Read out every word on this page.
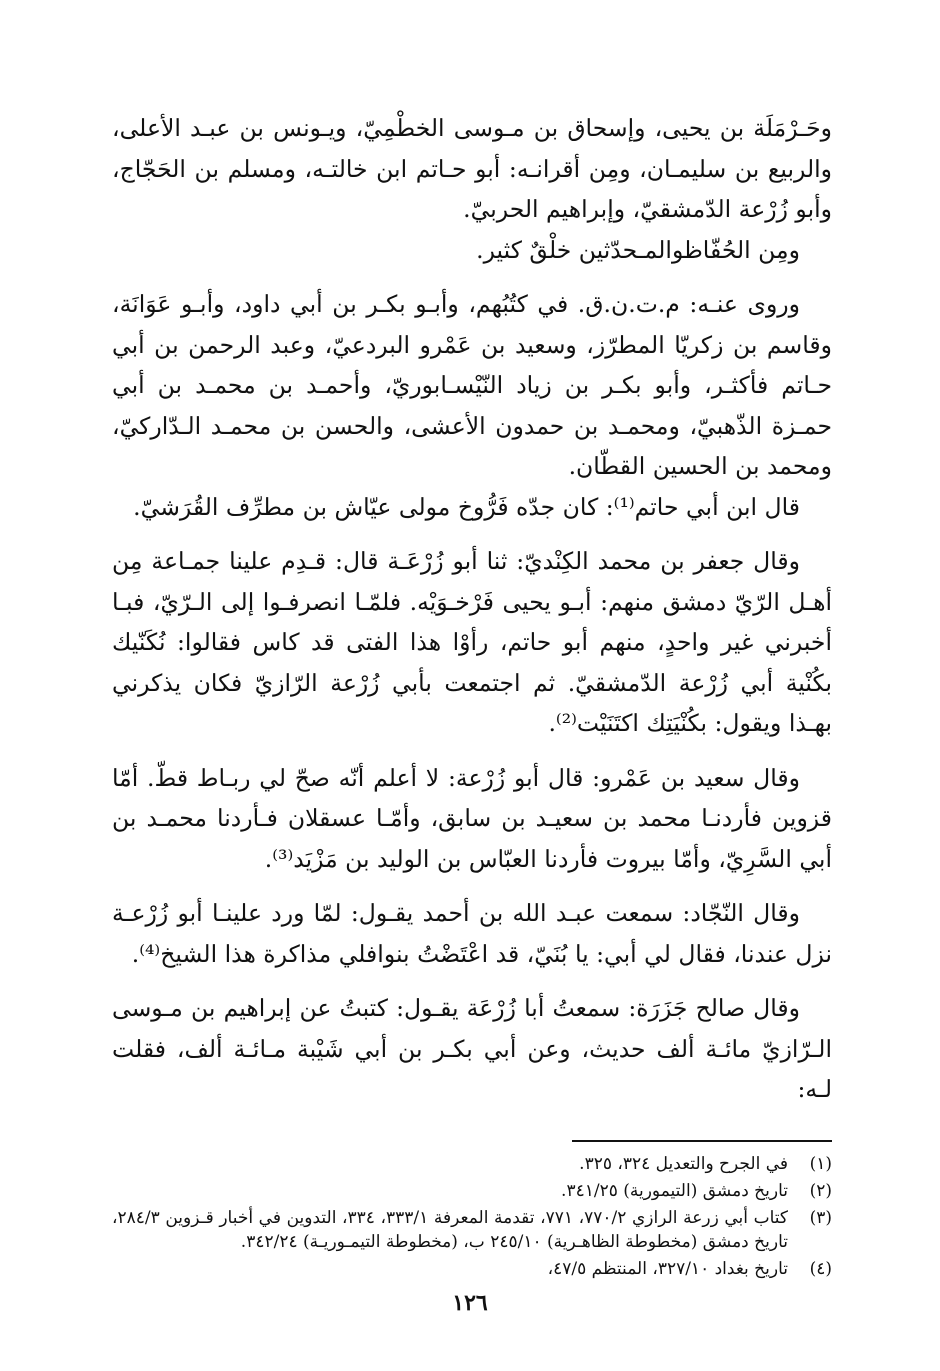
وحَـرْمَلَة بن يحيى، وإسحاق بن مـوسى الخطْمِيّ، ويـونس بن عبـد الأعلى، والربيع بن سليمـان، ومِن أقرانـه: أبو حـاتم ابن خالتـه، ومسلم بن الحَجّاج، وأبو زُرْعة الدّمشقيّ، وإبراهيم الحربيّ.

ومِن الحُفّاظوالمـحدّثين خلْقٌ كثير.

وروى عنـه: م.ت.ن.ق. في كتُبُهم، وأبـو بكـر بن أبي داود، وأبـو عَوَانَة، وقاسم بن زكريّا المطرّز، وسعيد بن عَمْرو البردعيّ، وعبد الرحمن بن أبي حـاتم فأكثـر، وأبو بكـر بن زياد النّيْسـابوريّ، وأحمـد بن محمـد بن أبي حمـزة الذّهبيّ، ومحمـد بن حمدون الأعشى، والحسن بن محمـد الـدّاركيّ، ومحمد بن الحسين القطّان.

قال ابن أبي حاتم⁽¹⁾: كان جدّه فَرُّوخ مولى عيّاش بن مطرِّف القُرَشيّ.

وقال جعفر بن محمد الكِنْديّ: ثنا أبو زُرْعَـة قال: قـدِم علينا جمـاعة مِن أهـل الرّيّ دمشق منهم: أبـو يحيى فَرْخـوَيْه. فلمّـا انصرفـوا إلى الـرّيّ، فبـا أخبرني غير واحدٍ، منهم أبو حاتم، رأوْا هذا الفتى قد كاس فقالوا: نُكَنّيك بكُنْية أبي زُرْعة الدّمشقيّ. ثم اجتمعت بأبي زُرْعة الرّازيّ فكان يذكرني بهـذا ويقول: بكُنْيَتِك اكتَنَيْت⁽²⁾.

وقال سعيد بن عَمْرو: قال أبو زُرْعة: لا أعلم أنّه صحّ لي ربـاط قطّ. أمّا قزوين فأردنـا محمد بن سعيـد بن سابق، وأمّـا عسقلان فـأردنا محمـد بن أبي السَّرِيّ، وأمّا بيروت فأردنا العبّاس بن الوليد بن مَزْيَد⁽³⁾.

وقال النّجّاد: سمعت عبـد الله بن أحمد يقـول: لمّا ورد علينـا أبو زُرْعـة نزل عندنا، فقال لي أبي: يا بُنَيّ، قد اعْتَضْتُ بنوافلي مذاكرة هذا الشيخ⁽⁴⁾.

وقال صالح جَزَرَة: سمعتُ أبا زُرْعَة يقـول: كتبتُ عن إبراهيم بن مـوسى الـرّازيّ مائـة ألف حديث، وعن أبي بكـر بن أبي شَيْبة مـائـة ألف، فقلت لـه:

(١)
في الجرح والتعديل ٣٢٤، ٣٢٥.
(٢)
تاريخ دمشق (التيمورية) ٣٤١/٢٥.
(٣)
كتاب أبي زرعة الرازي ٧٧٠/٢، ٧٧١، تقدمة المعرفة ٣٣٣/١، ٣٣٤، التدوين في أخبار قـزوين ٢٨٤/٣، تاريخ دمشق (مخطوطة الظاهـرية) ٢٤٥/١٠ ب، (مخطوطة التيمـوريـة) ٣٤٢/٢٤.
(٤)
تاريخ بغداد ٣٢٧/١٠، المنتظم ٤٧/٥،
١٢٦
